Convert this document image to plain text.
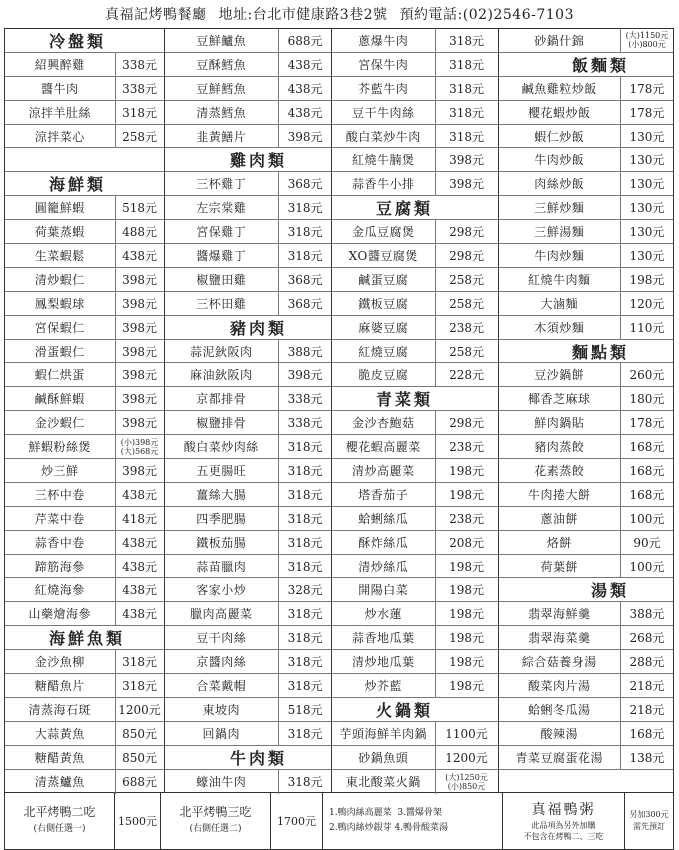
真福記烤鴨餐廳 地址:台北市健康路3巷2號 預約電話:(02)2546-7103
冷盤類
紹興醉雞	338元
醬牛肉	338元
涼拌羊肚絲	318元
涼拌菜心	258元
海鮮類
圓籠鮮蝦	518元
荷葉蒸蝦	488元
生菜蝦鬆	438元
清炒蝦仁	398元
鳳梨蝦球	398元
宮保蝦仁	398元
滑蛋蝦仁	398元
蝦仁烘蛋	398元
鹹酥鮮蝦	398元
金沙蝦仁	398元
鮮蝦粉絲煲	(小)398元
(大)568元
炒三鮮	398元
三杯中卷	438元
芹菜中卷	418元
蒜香中卷	438元
蹄筋海參	438元
紅燒海參	438元
山藥燴海參	438元
海鮮魚類
金沙魚柳	318元
糖醋魚片	318元
清蒸海石斑	1200元
大蒜黃魚	850元
糖醋黃魚	850元
清蒸鱸魚	688元
豆鮮鱸魚	688元
豆酥鱈魚	438元
豆鮮鱈魚	438元
清蒸鱈魚	438元
韭黃鱔片	398元
雞肉類
三杯雞丁	368元
左宗棠雞	318元
宮保雞丁	318元
醬爆雞丁	318元
椒鹽田雞	368元
三杯田雞	368元
豬肉類
蒜泥鈥阪肉	388元
麻油鈥阪肉	398元
京都排骨	338元
椒鹽排骨	338元
酸白菜炒肉絲	318元
五更腸旺	318元
薑絲大腸	318元
四季肥腸	318元
鐵板茄腸	318元
蒜苗臘肉	318元
客家小炒	328元
臘肉高麗菜	318元
豆干肉絲	318元
京醬肉絲	318元
合菜戴帽	318元
東坡肉	518元
回鍋肉	318元
牛肉類
蠔油牛肉	318元
蔥爆牛肉	318元
宮保牛肉	318元
芥藍牛肉	318元
豆干牛肉絲	318元
酸白菜炒牛肉	318元
紅燒牛腩煲	398元
蒜香牛小排	398元
豆腐類
金瓜豆腐煲	298元
XO醬豆腐煲	298元
鹹蛋豆腐	258元
鐵板豆腐	258元
麻婆豆腐	238元
紅燒豆腐	258元
脆皮豆腐	228元
青菜類
金沙杏鮑菇	298元
櫻花蝦高麗菜	238元
清炒高麗菜	198元
塔香茄子	198元
蛤蜊絲瓜	238元
酥炸絲瓜	208元
清炒絲瓜	198元
開陽白菜	198元
炒水蓮	198元
蒜香地瓜葉	198元
清炒地瓜葉	198元
炒芥藍	198元
火鍋類
芋頭海鮮羊肉鍋	1100元
砂鍋魚頭	1200元
東北酸菜火鍋	(大)1250元
(小)850元
砂鍋什錦	(大)1150元
(小)800元
飯麵類
鹹魚雞粒炒飯	178元
櫻花蝦炒飯	178元
蝦仁炒飯	130元
牛肉炒飯	130元
肉絲炒飯	130元
三鮮炒麵	130元
三鮮湯麵	130元
牛肉炒麵	130元
紅燒牛肉麵	198元
大滷麵	120元
木須炒麵	110元
麵點類
豆沙鍋餅	260元
椰香芝麻球	180元
鮮肉鍋貼	178元
豬肉蒸餃	168元
花素蒸餃	168元
牛肉捲大餅	168元
蔥油餅	100元
烙餅	90元
荷葉餅	100元
湯類
翡翠海鮮羹	388元
翡翠海菜羹	268元
綜合菇養身湯	288元
酸菜肉片湯	218元
蛤蜊冬瓜湯	218元
酸辣湯	168元
青菜豆腐蛋花湯	138元
北平烤鴨二吃
(右側任選一)
1500元
北平烤鴨三吃
(右側任選二)
1700元
1.鴨肉絲高麗菜 3.醬爆骨架
2.鴨肉絲炒銀芽 4.鴨骨酸菜湯
真福鴨粥
此品項為另外加購
不包含在烤鴨二、三吃
另加300元
需先預訂
